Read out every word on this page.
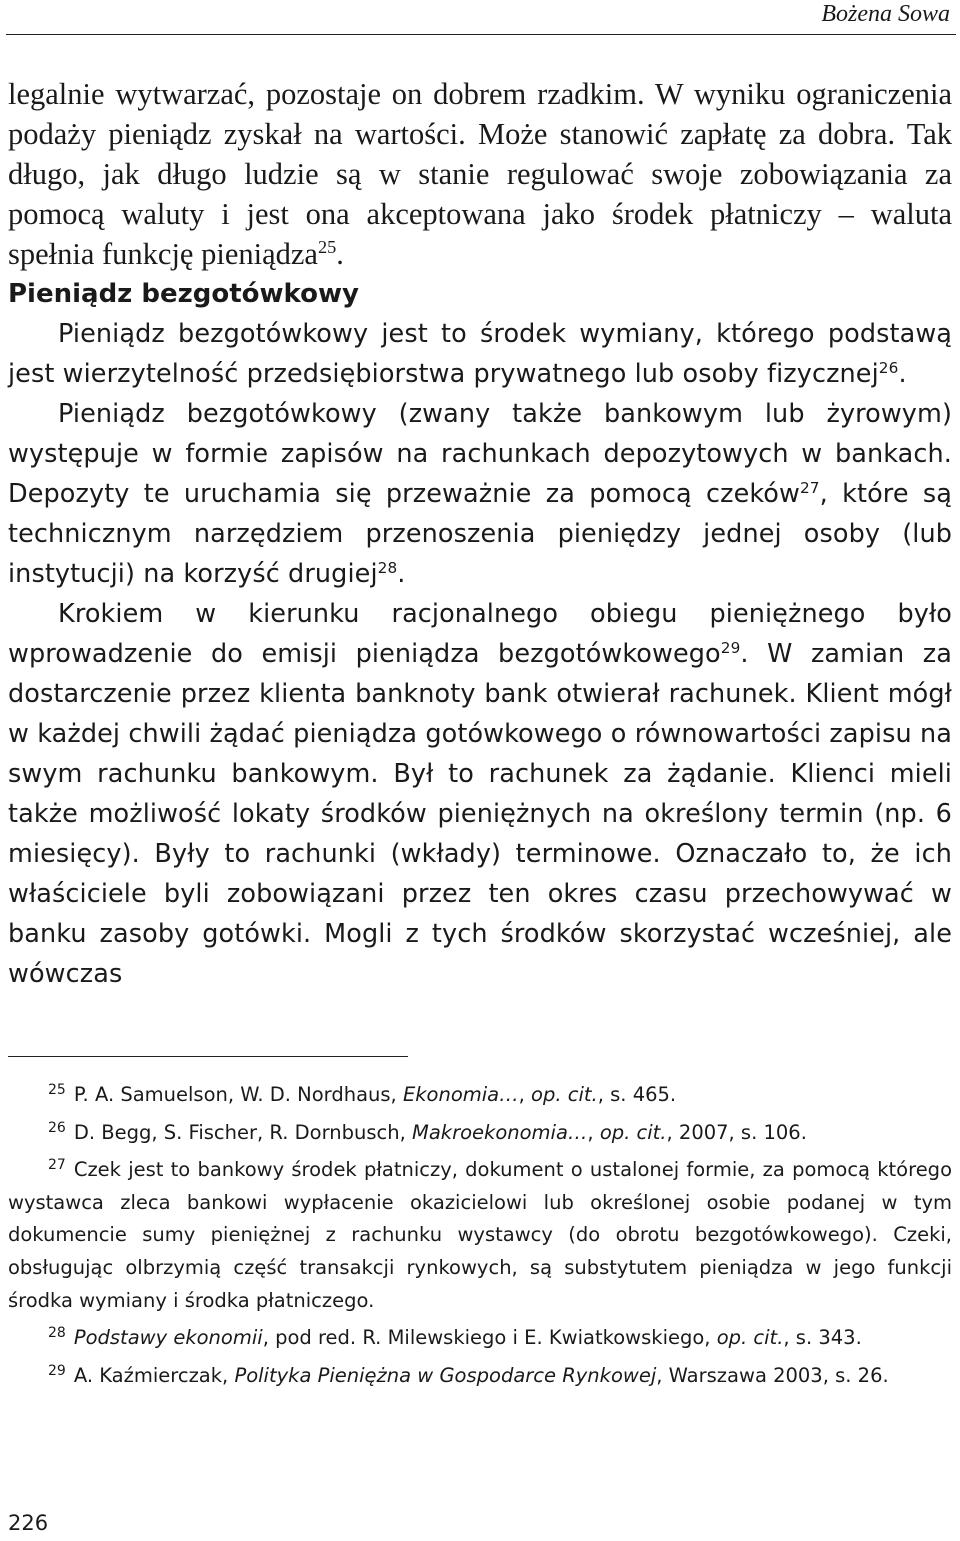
Bożena Sowa

legalnie wytwarzać, pozostaje on dobrem rzadkim. W wyniku ograniczenia podaży pieniądz zyskał na wartości. Może stanowić zapłatę za dobra. Tak długo, jak długo ludzie są w stanie regulować swoje zobowiązania za pomocą waluty i jest ona akceptowana jako środek płatniczy – waluta spełnia funkcję pieniądza$^{25}$.

Pieniądz bezgotówkowy

Pieniądz bezgotówkowy jest to środek wymiany, którego podstawą jest wierzytelność przedsiębiorstwa prywatnego lub osoby fizycznej$^{26}$.

Pieniądz bezgotówkowy (zwany także bankowym lub żyrowym) występuje w formie zapisów na rachunkach depozytowych w bankach. Depozyty te uruchamia się przeważnie za pomocą czeków$^{27}$, które są technicznym narzędziem przenoszenia pieniędzy jednej osoby (lub instytucji) na korzyść drugiej$^{28}$.

Krokiem w kierunku racjonalnego obiegu pieniężnego było wprowadzenie do emisji pieniądza bezgotówkowego$^{29}$. W zamian za dostarczenie przez klienta banknoty bank otwierał rachunek. Klient mógł w każdej chwili żądać pieniądza gotówkowego o równowartości zapisu na swym rachunku bankowym. Był to rachunek za żądanie. Klienci mieli także możliwość lokaty środków pieniężnych na określony termin (np. 6 miesięcy). Były to rachunki (wkłady) terminowe. Oznaczało to, że ich właściciele byli zobowiązani przez ten okres czasu przechowywać w banku zasoby gotówki. Mogli z tych środków skorzystać wcześniej, ale wówczas

$^{25}$ P. A. Samuelson, W. D. Nordhaus, Ekonomia…, op. cit., s. 465.

$^{26}$ D. Begg, S. Fischer, R. Dornbusch, Makroekonomia…, op. cit., 2007, s. 106.

$^{27}$ Czek jest to bankowy środek płatniczy, dokument o ustalonej formie, za pomocą którego wystawca zleca bankowi wypłacenie okazicielowi lub określonej osobie podanej w tym dokumencie sumy pieniężnej z rachunku wystawcy (do obrotu bezgotówkowego). Czeki, obsługując olbrzymią część transakcji rynkowych, są substytutem pieniądza w jego funkcji środka wymiany i środka płatniczego.

$^{28}$ Podstawy ekonomii, pod red. R. Milewskiego i E. Kwiatkowskiego, op. cit., s. 343.

$^{29}$ A. Kaźmierczak, Polityka Pieniężna w Gospodarce Rynkowej, Warszawa 2003, s. 26.

226
